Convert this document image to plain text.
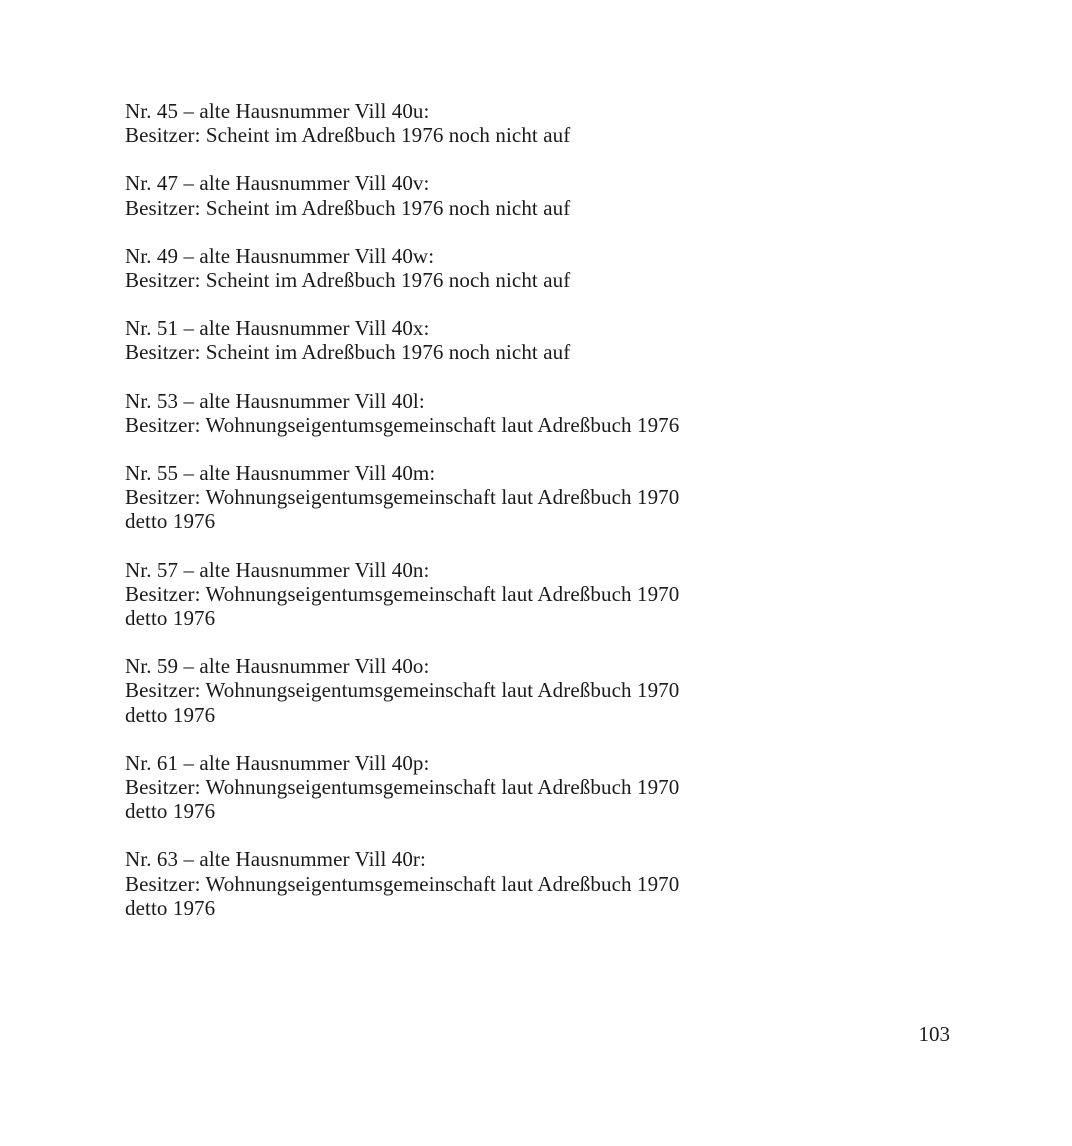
Nr. 45 – alte Hausnummer Vill 40u:
Besitzer: Scheint im Adreßbuch 1976 noch nicht auf
Nr. 47 – alte Hausnummer Vill 40v:
Besitzer: Scheint im Adreßbuch 1976 noch nicht auf
Nr. 49 – alte Hausnummer Vill 40w:
Besitzer: Scheint im Adreßbuch 1976 noch nicht auf
Nr. 51 – alte Hausnummer Vill 40x:
Besitzer: Scheint im Adreßbuch 1976 noch nicht auf
Nr. 53 – alte Hausnummer Vill 40l:
Besitzer: Wohnungseigentumsgemeinschaft laut Adreßbuch 1976
Nr. 55 – alte Hausnummer Vill 40m:
Besitzer: Wohnungseigentumsgemeinschaft laut Adreßbuch 1970
detto 1976
Nr. 57 – alte Hausnummer Vill 40n:
Besitzer: Wohnungseigentumsgemeinschaft laut Adreßbuch 1970
detto 1976
Nr. 59 – alte Hausnummer Vill 40o:
Besitzer: Wohnungseigentumsgemeinschaft laut Adreßbuch 1970
detto 1976
Nr. 61 – alte Hausnummer Vill 40p:
Besitzer: Wohnungseigentumsgemeinschaft laut Adreßbuch 1970
detto 1976
Nr. 63 – alte Hausnummer Vill 40r:
Besitzer: Wohnungseigentumsgemeinschaft laut Adreßbuch 1970
detto 1976
103
